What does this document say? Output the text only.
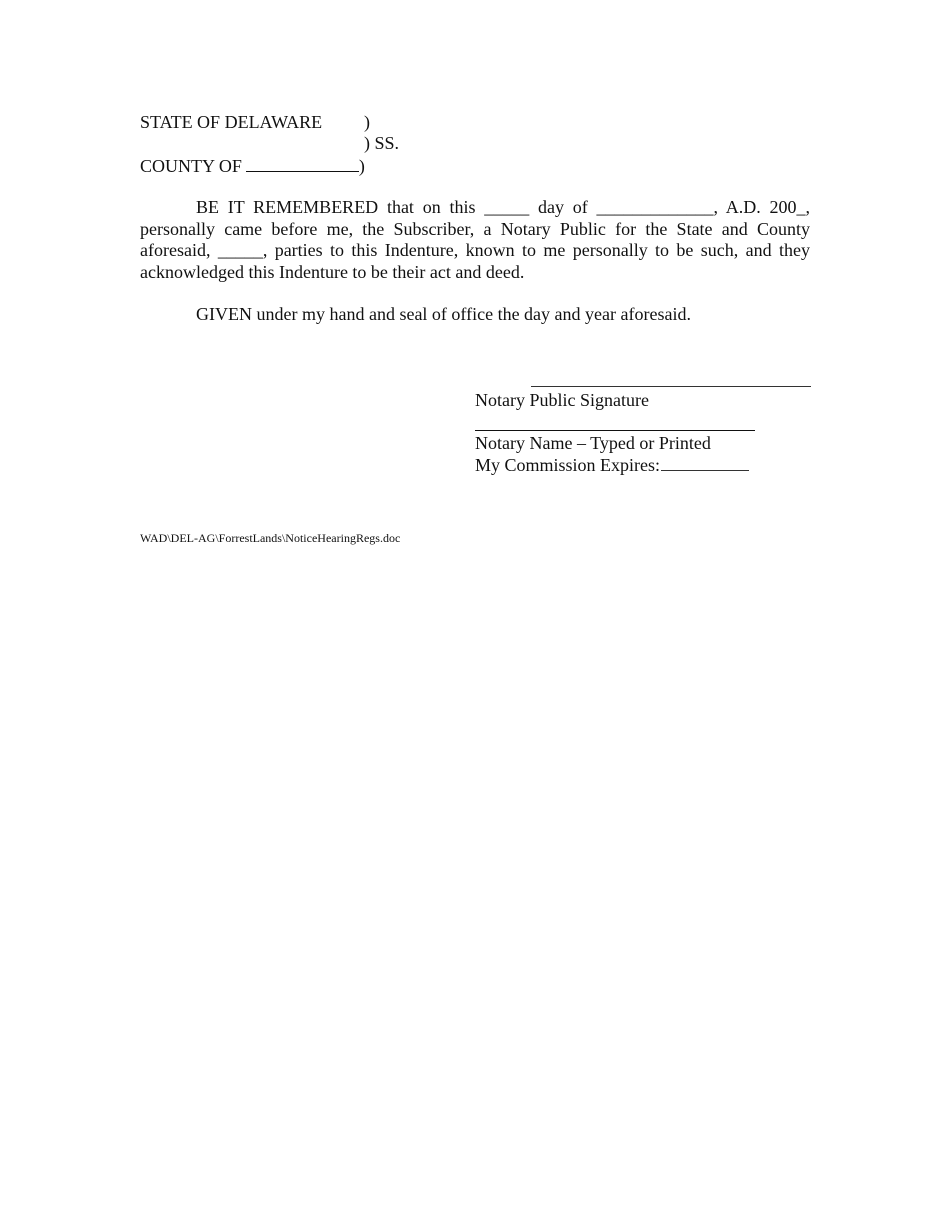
STATE OF DELAWARE )
) SS.
COUNTY OF	)
BE IT REMEMBERED that on this _____ day of _____________, A.D. 200_, personally came before me, the Subscriber, a Notary Public for the State and County aforesaid, _____, parties to this Indenture, known to me personally to be such, and they acknowledged this Indenture to be their act and deed.
GIVEN under my hand and seal of office the day and year aforesaid.
Notary Public Signature
Notary Name – Typed or Printed
My Commission Expires:
WAD\DEL-AG\ForrestLands\NoticeHearingRegs.doc
